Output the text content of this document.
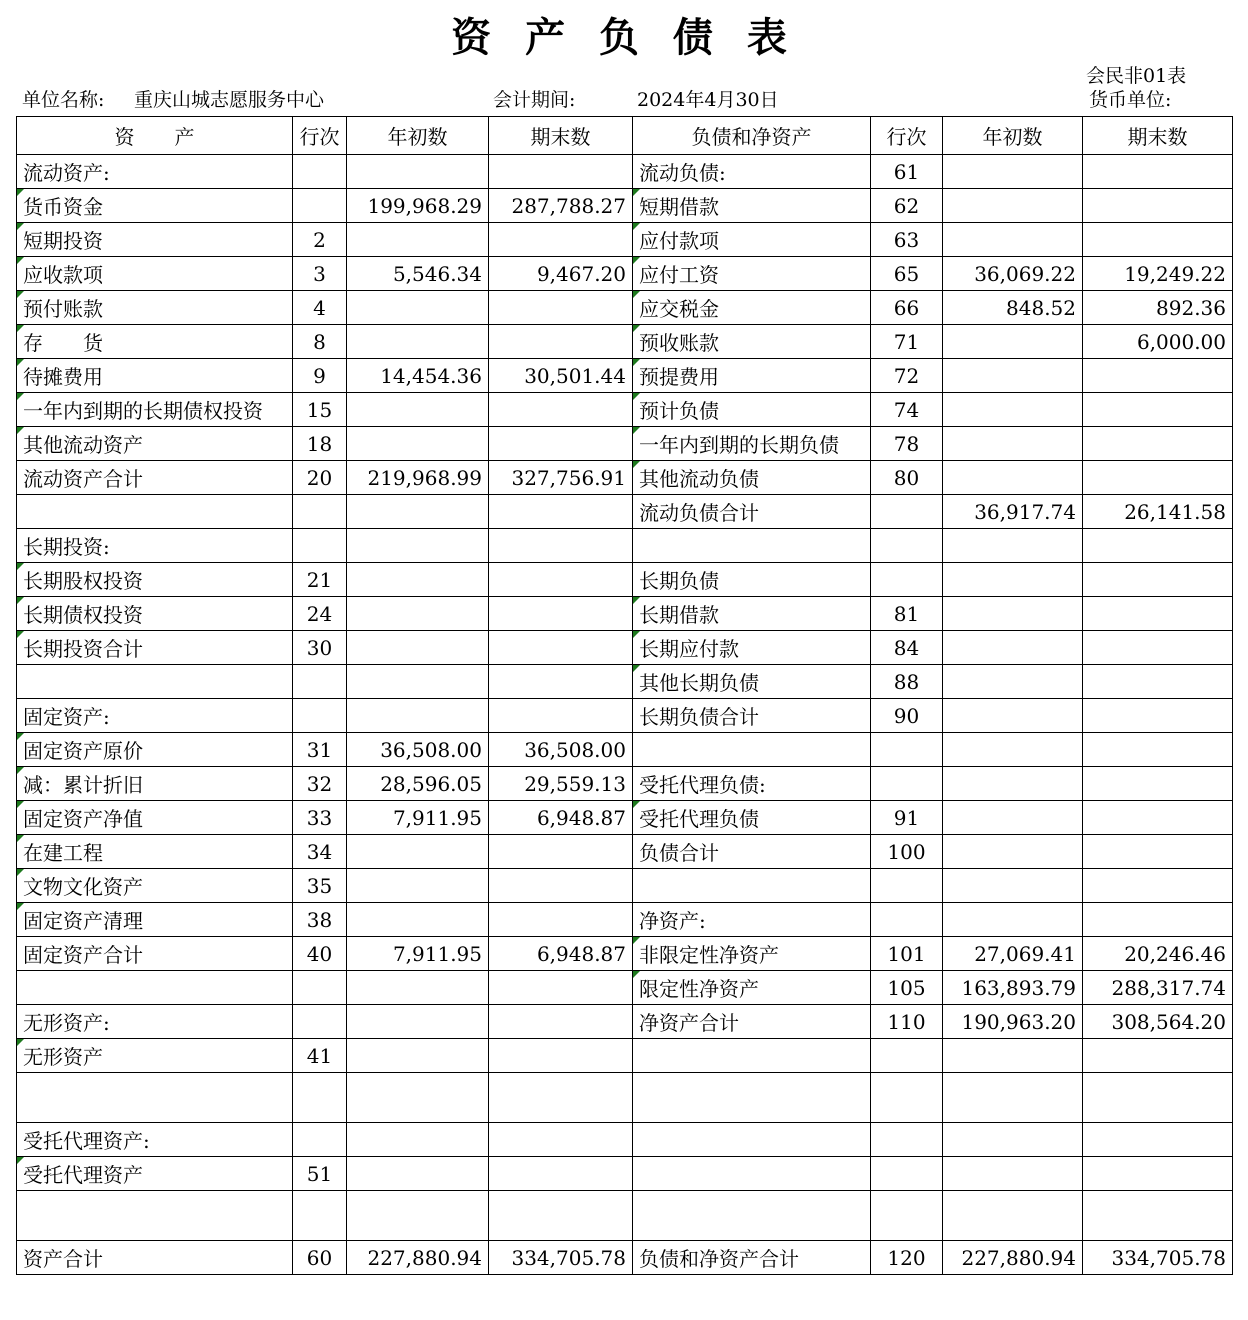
资 产 负 债 表
会民非01表
单位名称: 重庆山城志愿服务中心	会计期间:	2024年4月30日	货币单位:
资　　产	行次	年初数	期末数	负债和净资产	行次	年初数	期末数
流动资产:				流动负债:	61		
货币资金		199,968.29	287,788.27	短期借款	62		
短期投资	2			应付款项	63		
应收款项	3	5,546.34	9,467.20	应付工资	65	36,069.22	19,249.22
预付账款	4			应交税金	66	848.52	892.36
存　　货	8			预收账款	71		6,000.00
待摊费用	9	14,454.36	30,501.44	预提费用	72		
一年内到期的长期债权投资	15			预计负债	74		
其他流动资产	18			一年内到期的长期负债	78		
流动资产合计	20	219,968.99	327,756.91	其他流动负债	80		
				流动负债合计		36,917.74	26,141.58
长期投资:							
长期股权投资	21			长期负债			
长期债权投资	24			长期借款	81		
长期投资合计	30			长期应付款	84		
				其他长期负债	88		
固定资产:				长期负债合计	90		
固定资产原价	31	36,508.00	36,508.00				
减：累计折旧	32	28,596.05	29,559.13	受托代理负债:			
固定资产净值	33	7,911.95	6,948.87	受托代理负债	91		
在建工程	34			负债合计	100		
文物文化资产	35						
固定资产清理	38			净资产:			
固定资产合计	40	7,911.95	6,948.87	非限定性净资产	101	27,069.41	20,246.46
				限定性净资产	105	163,893.79	288,317.74
无形资产:				净资产合计	110	190,963.20	308,564.20
无形资产	41						

受托代理资产:							
受托代理资产	51						

资产合计	60	227,880.94	334,705.78	负债和净资产合计	120	227,880.94	334,705.78
